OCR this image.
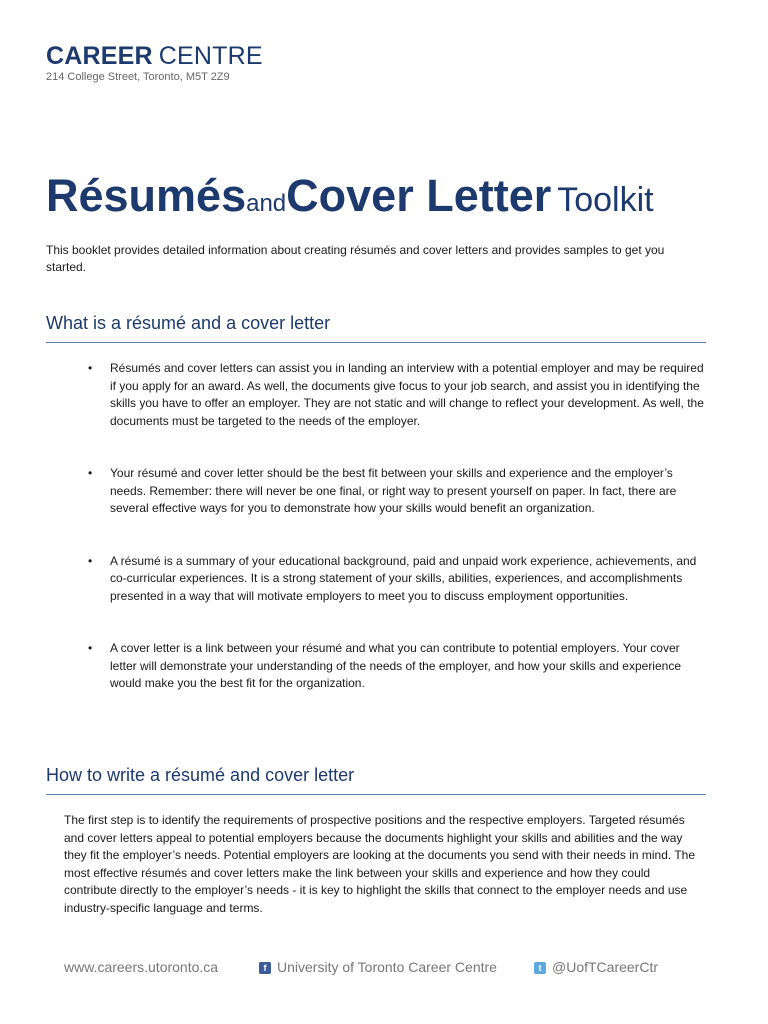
CAREER CENTRE
214 College Street, Toronto, M5T 2Z9
RésumésandCover Letter Toolkit
This booklet provides detailed information about creating résumés and cover letters and provides samples to get you started.
What is a résumé and a cover letter
• Résumés and cover letters can assist you in landing an interview with a potential employer and may be required if you apply for an award. As well, the documents give focus to your job search, and assist you in identifying the skills you have to offer an employer. They are not static and will change to reflect your development. As well, the documents must be targeted to the needs of the employer.
• Your résumé and cover letter should be the best fit between your skills and experience and the employer’s needs. Remember: there will never be one final, or right way to present yourself on paper. In fact, there are several effective ways for you to demonstrate how your skills would benefit an organization.
• A résumé is a summary of your educational background, paid and unpaid work experience, achievements, and co-curricular experiences. It is a strong statement of your skills, abilities, experiences, and accomplishments presented in a way that will motivate employers to meet you to discuss employment opportunities.
• A cover letter is a link between your résumé and what you can contribute to potential employers. Your cover letter will demonstrate your understanding of the needs of the employer, and how your skills and experience would make you the best fit for the organization.
How to write a résumé and cover letter
The first step is to identify the requirements of prospective positions and the respective employers. Targeted résumés and cover letters appeal to potential employers because the documents highlight your skills and abilities and the way they fit the employer’s needs. Potential employers are looking at the documents you send with their needs in mind. The most effective résumés and cover letters make the link between your skills and experience and how they could contribute directly to the employer’s needs - it is key to highlight the skills that connect to the employer needs and use industry-specific language and terms.
www.careers.utoronto.ca	f University of Toronto Career Centre	t @UofTCareerCtr
